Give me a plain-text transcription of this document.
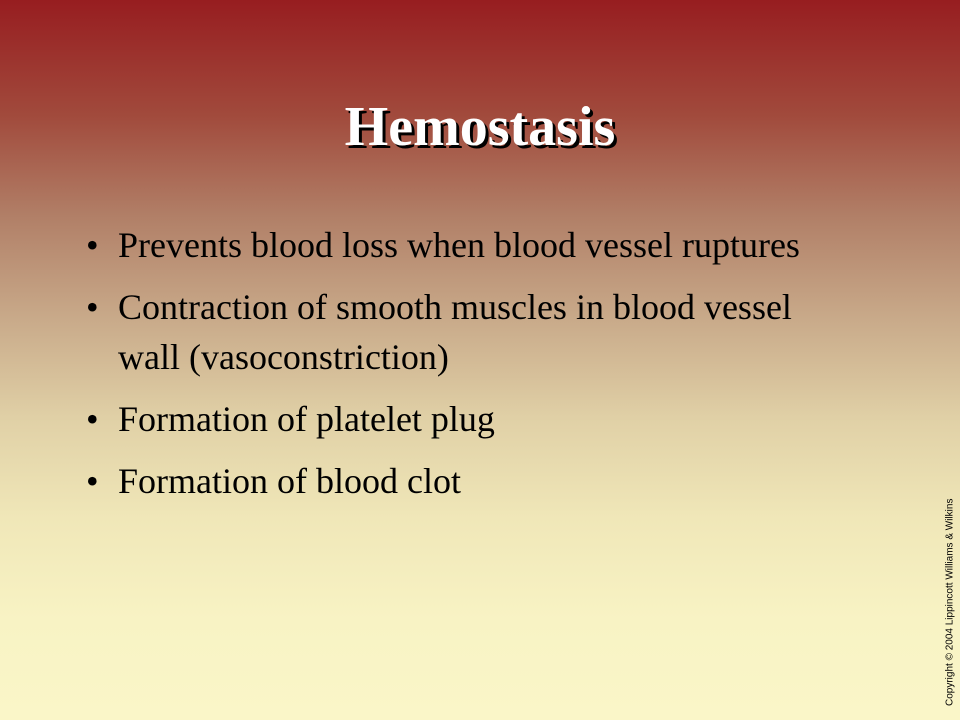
Hemostasis
• Prevents blood loss when blood vessel ruptures
• Contraction of smooth muscles in blood vessel wall (vasoconstriction)
• Formation of platelet plug
• Formation of blood clot
Copyright © 2004 Lippincott Williams & Wilkins
